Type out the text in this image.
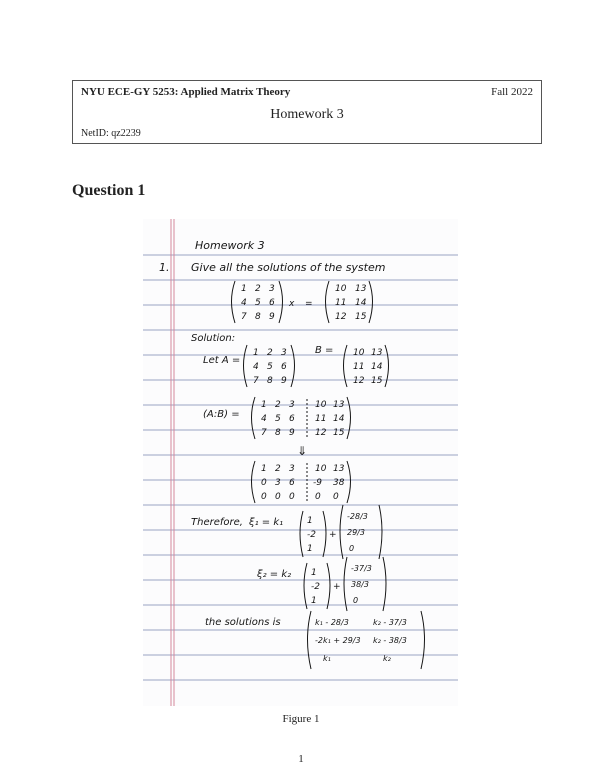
NYU ECE-GY 5253: Applied Matrix Theory	Fall 2022
Homework 3
NetID: qz2239
Question 1
Homework 3
1. Give all the solutions of the system
1 2 3
4 5 6
7 8 9
x =
10 13
11 14
12 15
Solution:
Let A =
1 2 3
4 5 6
7 8 9
B = 10 13
11 14
12 15
(A:B) =
1 2 3 10 13
4 5 6 11 14
7 8 9 12 15
⇓
1 2 3 10 13
0 3 6 -9 38
0 0 0 0 0
Therefore, ξ₁ = k₁	1
-2
1
+
-28/3
29/3
0
ξ₂ = k₂ 1
-2
1
+
-37/3
38/3
0
the solutions is	k₁ - 28/3	k₂ - 37/3
-2k₁ + 29/3 k₂ - 38/3
k₁	k₂
Figure 1
1
